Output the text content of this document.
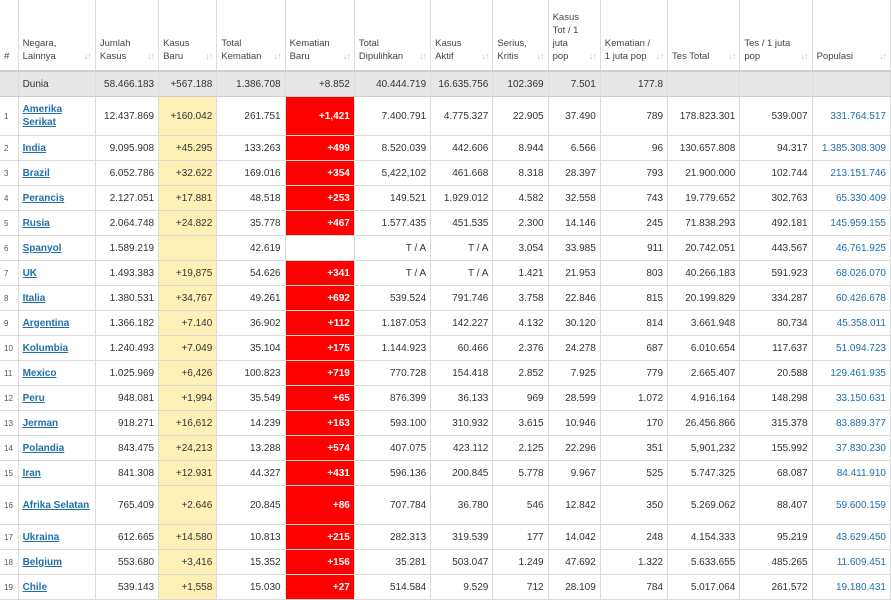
#	Negara, Lainnya ↓↑	Jumlah Kasus ↓↑	Kasus Baru ↓↑	Total Kematian ↓↑	Kematian Baru ↓↑	Total Dipulihkan ↓↑	Kasus Aktif ↓↑	Serius, Kritis ↓↑	Kasus Tot / 1 juta pop ↓↑	Kematian / 1 juta pop ↓↑	Tes Total ↓↑	Tes / 1 juta pop ↓↑	Populasi ↓↑

	Dunia	58.466.183	+567.188	1.386.708	+8.852	40.444.719	16.635.756	102.369	7.501	177.8			
1	Amerika Serikat	12.437.869	+160.042	261.751	+1,421	7.400.791	4.775.327	22.905	37.490	789	178.823.301	539.007	331.764.517
2	India	9.095.908	+45.295	133.263	+499	8.520.039	442.606	8.944	6.566	96	130.657.808	94.317	1.385.308.309
3	Brazil	6.052.786	+32.622	169.016	+354	5,422,102	461.668	8.318	28.397	793	21.900.000	102.744	213.151.746
4	Perancis	2.127.051	+17.881	48.518	+253	149.521	1.929.012	4.582	32.558	743	19.779.652	302.763	65.330.409
5	Rusia	2.064.748	+24.822	35.778	+467	1.577.435	451.535	2.300	14.146	245	71.838.293	492.181	145.959.155
6	Spanyol	1.589.219		42.619		T / A	T / A	3.054	33.985	911	20.742.051	443.567	46.761.925
7	UK	1.493.383	+19,875	54.626	+341	T / A	T / A	1.421	21.953	803	40.266.183	591.923	68.026.070
8	Italia	1.380.531	+34,767	49.261	+692	539.524	791.746	3.758	22.846	815	20.199.829	334.287	60.426.678
9	Argentina	1.366.182	+7.140	36.902	+112	1.187.053	142.227	4.132	30.120	814	3.661.948	80.734	45.358.011
10	Kolumbia	1.240.493	+7.049	35.104	+175	1.144.923	60.466	2.376	24.278	687	6.010.654	117.637	51.094.723
11	Mexico	1.025.969	+6,426	100.823	+719	770.728	154.418	2.852	7.925	779	2.665.407	20.588	129.461.935
12	Peru	948.081	+1,994	35.549	+65	876.399	36.133	969	28.599	1.072	4.916.164	148.298	33.150.631
13	Jerman	918.271	+16,612	14.239	+163	593.100	310.932	3.615	10.946	170	26.456.866	315.378	83.889.377
14	Polandia	843.475	+24,213	13.288	+574	407.075	423.112	2.125	22.296	351	5,901,232	155.992	37.830.230
15	Iran	841.308	+12.931	44.327	+431	596.136	200.845	5.778	9.967	525	5.747.325	68.087	84.411.910
16	Afrika Selatan	765.409	+2.646	20.845	+86	707.784	36.780	546	12.842	350	5.269.062	88.407	59.600.159
17	Ukraina	612.665	+14.580	10.813	+215	282.313	319.539	177	14.042	248	4.154.333	95.219	43.629.450
18	Belgium	553.680	+3,416	15.352	+156	35.281	503.047	1.249	47.692	1.322	5.633.655	485.265	11.609.451
19	Chile	539.143	+1,558	15.030	+27	514.584	9.529	712	28.109	784	5.017.064	261.572	19.180.431
